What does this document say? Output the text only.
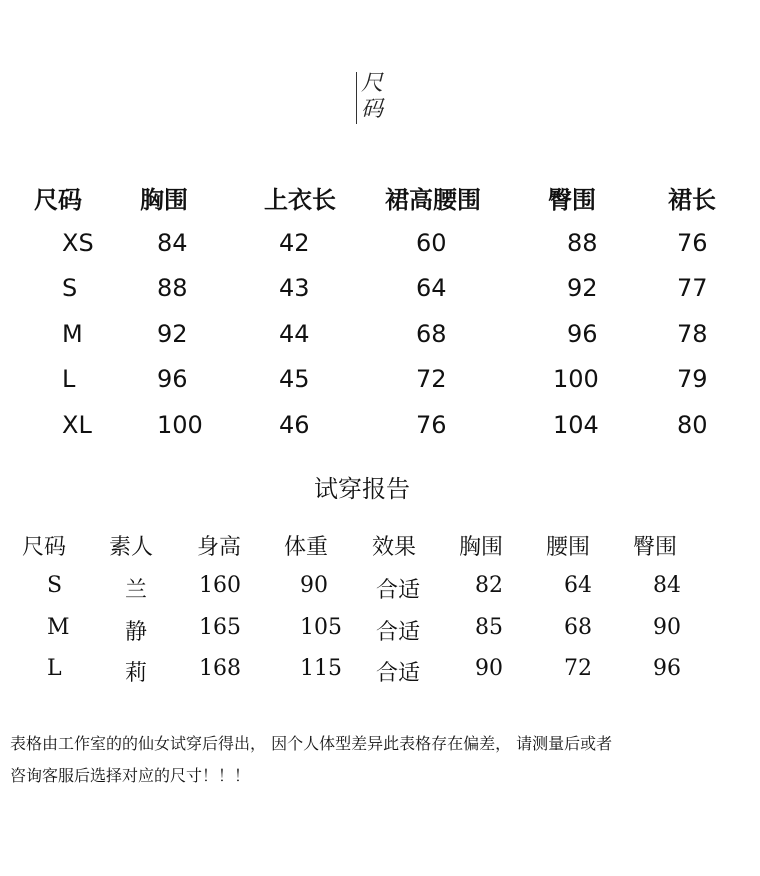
尺
码
尺码 胸围	上衣长 裙高腰围	臀围	裙长
XS	84	42	60	88	76
S	88	43	64	92	77
M	92	44	68	96	78
L	96	45	72	100	79
XL	100	46	76	104	80
试穿报告
尺码 素人 身高 体重 效果 胸围 腰围 臀围
S	兰 160	90 合适 82	64	84
M	静 165	105 合适 85	68	90
L	莉 168	115 合适 90	72	96
表格由工作室的的仙女试穿后得出， 因个人体型差异此表格存在偏差， 请测量后或者
咨询客服后选择对应的尺寸！！！
